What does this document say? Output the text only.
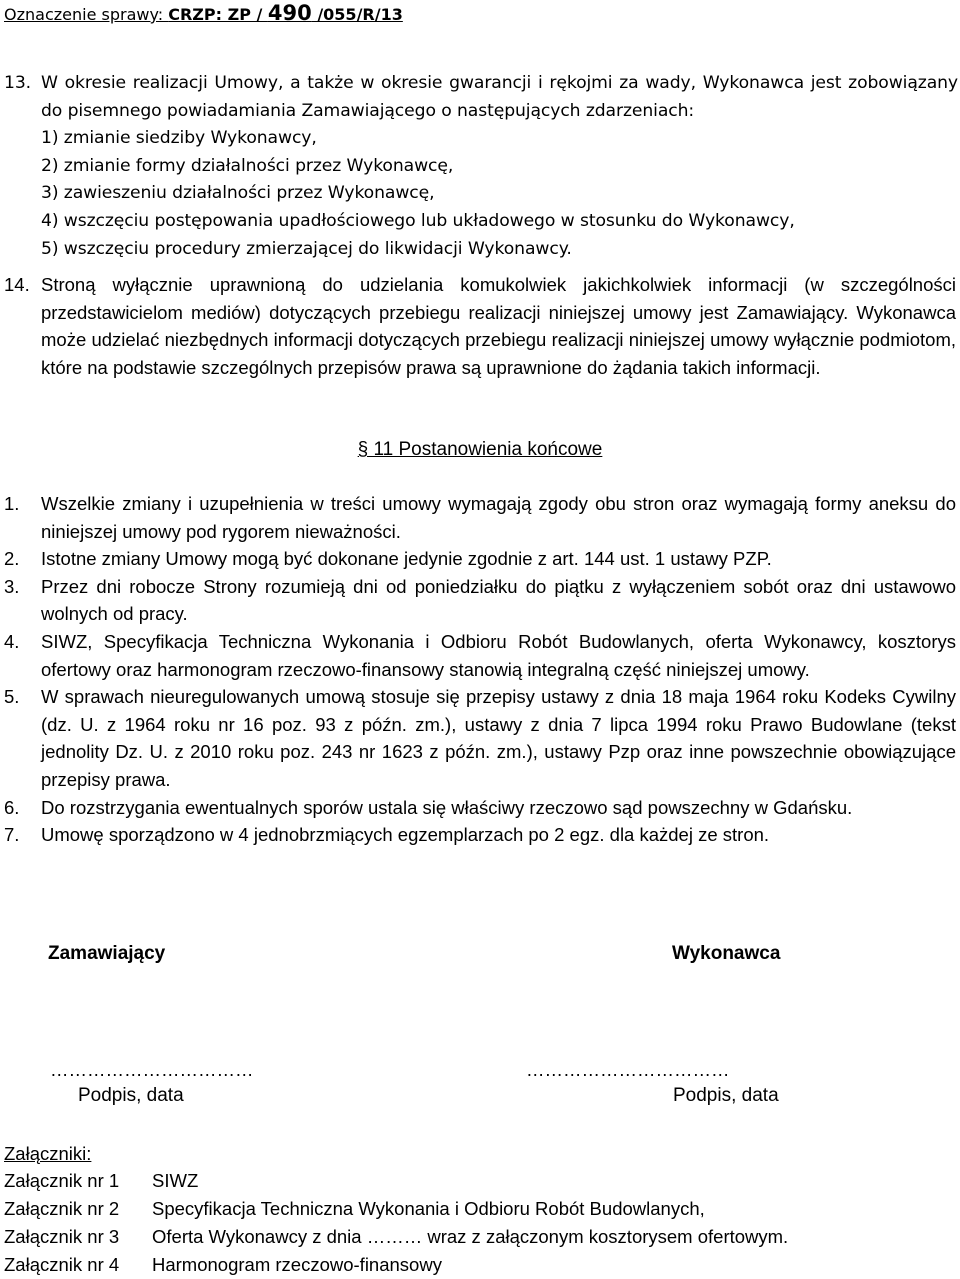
Oznaczenie sprawy: CRZP: ZP / 490 /055/R/13
13. W okresie realizacji Umowy, a także w okresie gwarancji i rękojmi za wady, Wykonawca jest zobowiązany do pisemnego powiadamiania Zamawiającego o następujących zdarzeniach:
1) zmianie siedziby Wykonawcy,
2) zmianie formy działalności przez Wykonawcę,
3) zawieszeniu działalności przez Wykonawcę,
4) wszczęciu postępowania upadłościowego lub układowego w stosunku do Wykonawcy,
5) wszczęciu procedury zmierzającej do likwidacji Wykonawcy.
14. Stroną wyłącznie uprawnioną do udzielania komukolwiek jakichkolwiek informacji (w szczególności przedstawicielom mediów) dotyczących przebiegu realizacji niniejszej umowy jest Zamawiający. Wykonawca może udzielać niezbędnych informacji dotyczących przebiegu realizacji niniejszej umowy wyłącznie podmiotom, które na podstawie szczególnych przepisów prawa są uprawnione do żądania takich informacji.
§ 11 Postanowienia końcowe
1. Wszelkie zmiany i uzupełnienia w treści umowy wymagają zgody obu stron oraz wymagają formy aneksu do niniejszej umowy pod rygorem nieważności.
2. Istotne zmiany Umowy mogą być dokonane jedynie zgodnie z art. 144 ust. 1 ustawy PZP.
3. Przez dni robocze Strony rozumieją dni od poniedziałku do piątku z wyłączeniem sobót oraz dni ustawowo wolnych od pracy.
4. SIWZ, Specyfikacja Techniczna Wykonania i Odbioru Robót Budowlanych, oferta Wykonawcy, kosztorys ofertowy oraz harmonogram rzeczowo-finansowy stanowią integralną część niniejszej umowy.
5. W sprawach nieuregulowanych umową stosuje się przepisy ustawy z dnia 18 maja 1964 roku Kodeks Cywilny (dz. U. z 1964 roku nr 16 poz. 93 z późn. zm.), ustawy z dnia 7 lipca 1994 roku Prawo Budowlane (tekst jednolity Dz. U. z 2010 roku poz. 243 nr 1623 z późn. zm.), ustawy Pzp oraz inne powszechnie obowiązujące przepisy prawa.
6. Do rozstrzygania ewentualnych sporów ustala się właściwy rzeczowo sąd powszechny w Gdańsku.
7. Umowę sporządzono w 4 jednobrzmiących egzemplarzach po 2 egz. dla każdej ze stron.
Zamawiający	Wykonawca
……………………………	……………………………
Podpis, data	Podpis, data
Załączniki:
Załącznik nr 1 SIWZ
Załącznik nr 2 Specyfikacja Techniczna Wykonania i Odbioru Robót Budowlanych,
Załącznik nr 3 Oferta Wykonawcy z dnia ……… wraz z załączonym kosztorysem ofertowym.
Załącznik nr 4 Harmonogram rzeczowo-finansowy
